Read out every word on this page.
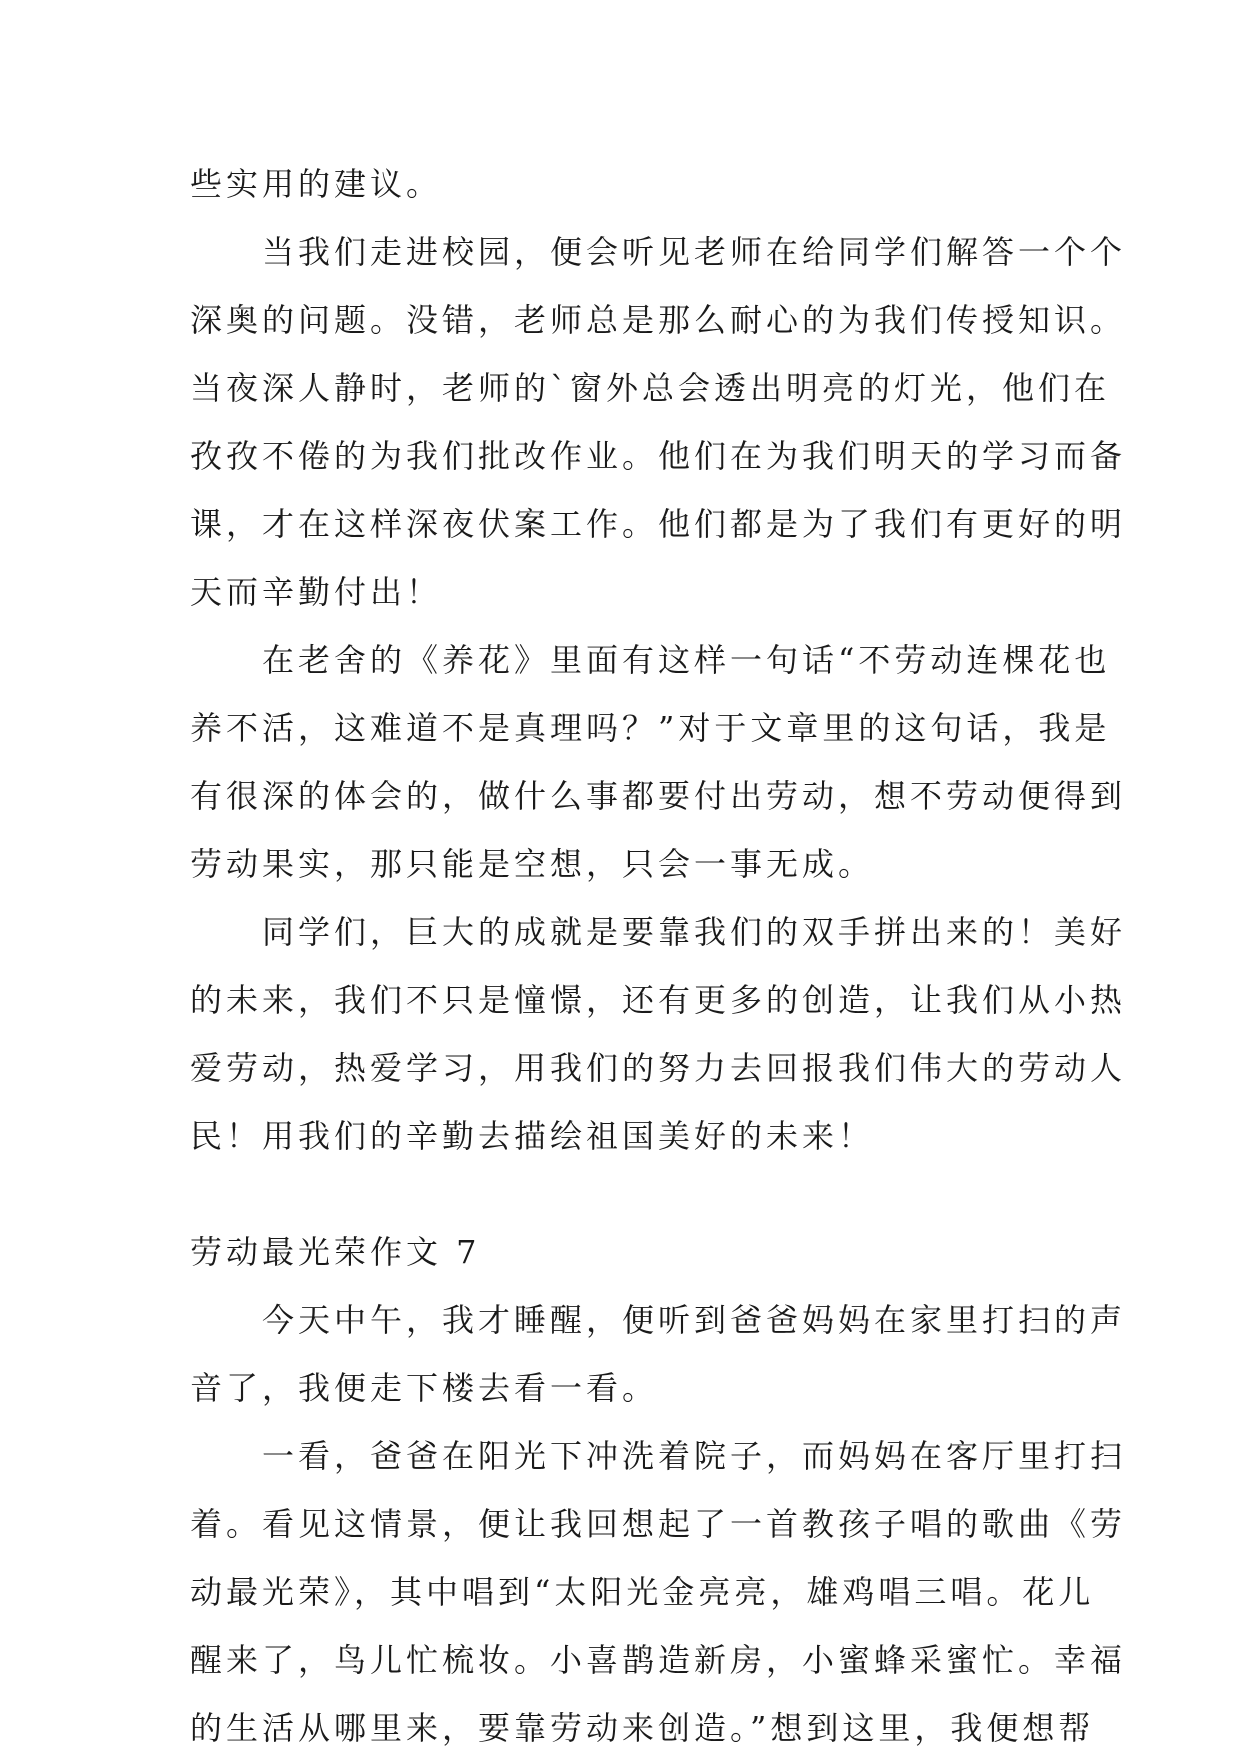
些实用的建议。

当我们走进校园，便会听见老师在给同学们解答一个个

深奥的问题。没错，老师总是那么耐心的为我们传授知识。

当夜深人静时，老师的`窗外总会透出明亮的灯光，他们在

孜孜不倦的为我们批改作业。他们在为我们明天的学习而备

课，才在这样深夜伏案工作。他们都是为了我们有更好的明

天而辛勤付出！

在老舍的《养花》里面有这样一句话“不劳动连棵花也

养不活，这难道不是真理吗？”对于文章里的这句话，我是

有很深的体会的，做什么事都要付出劳动，想不劳动便得到

劳动果实，那只能是空想，只会一事无成。

同学们，巨大的成就是要靠我们的双手拼出来的！美好

的未来，我们不只是憧憬，还有更多的创造，让我们从小热

爱劳动，热爱学习，用我们的努力去回报我们伟大的劳动人

民！用我们的辛勤去描绘祖国美好的未来！

劳动最光荣作文 7

今天中午，我才睡醒，便听到爸爸妈妈在家里打扫的声

音了，我便走下楼去看一看。

一看，爸爸在阳光下冲洗着院子，而妈妈在客厅里打扫

着。看见这情景，便让我回想起了一首教孩子唱的歌曲《劳

动最光荣》，其中唱到“太阳光金亮亮，雄鸡唱三唱。花儿

醒来了，鸟儿忙梳妆。小喜鹊造新房，小蜜蜂采蜜忙。幸福

的生活从哪里来，要靠劳动来创造。”想到这里，我便想帮
